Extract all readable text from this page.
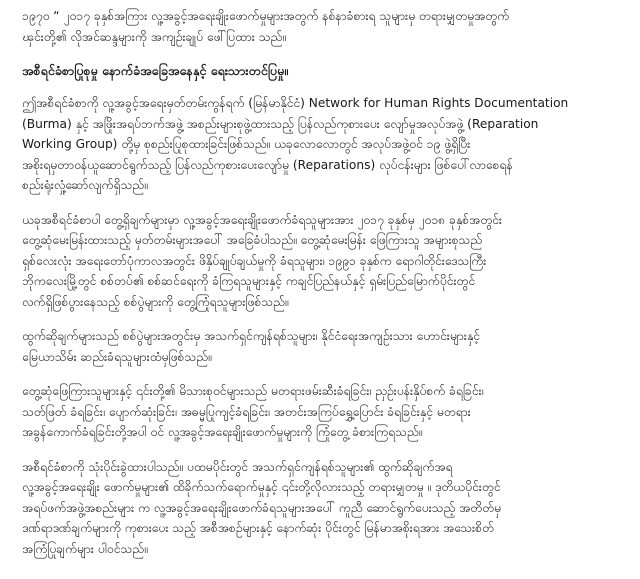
၁၉၇၀ “ ၂၀၁၇ ခုနှစ်အကြား လူ့အခွင့်အရေးချိုးဖောက်မှုများအတွက် နစ်နာခံစားရ သူများမှ တရားမျှတမှုအတွက်
ၾင်းတို့၏ လိုအင်ဆန္ဒများကို အကျဉ်းချုပ် ဖေါ်ပြထား သည်။

အစီရင်ခံစာပြုစုမှု နောက်ခံအခြေအနေနှင့် ရေးသားတင်ပြမှု။

ဤအစီရင်ခံစာကို လူ့အခွင့်အရေးမှတ်တမ်းကွန်ရက် (မြန်မာနိုင်ငံ) Network for Human Rights Documentation
(Burma) နှင့် အဖြိုးအရပ်ဘက်အဖွဲ့ အစည်းများစုဖွဲ့ထားသည့် ပြန်လည်ကုစားပေး လျော်မှုအလုပ်အဖွဲ့ (Reparation
Working Group) တို့မှ စုစည်းပြုစုထားခြင်းဖြစ်သည်။ ယခုလောလောတွင် အလုပ်အဖွဲ့ဝင် ၁၉ ဖွဲ့ရှိပြီး
အစိုးရမှတာဝန်ယူဆောင်ရွက်သည့် ပြန်လည်ကုစားပေးလျော်မှု (Reparations) လုပ်ငန်းများ ဖြစ်ပေါ်လာစေရန်
စည်းရုံးလှုံ့ဆော်လျက်ရှိသည်။

ယခုအစီရင်ခံစာပါ တွေ့ရှိချက်များမှာ လူ့အခွင့်အရေးချိုးဖောက်ခံရသူများအား ၂၀၁၇ ခုနှစ်မှ ၂၀၁၈ ခုနှစ်အတွင်း
တွေ့ဆုံမေးမြန်းထားသည့် မှတ်တမ်းများအပေါ် အခြေခံပါသည်။ တွေ့ဆုံမေးမြန်း ဖြေကြားသူ အများစုသည်
ရှစ်လေးလုံး အရေးတော်ပုံကာလအတွင်း ဖိနှိပ်ချုပ်ချယ်မှုကို ခံရသူများ၊ ၁၉၉၁ ခုနှစ်က ရောဂါတိုင်းဒေသကြီး
ဘိုကလေးမြို့တွင် စစ်တပ်၏ စစ်ဆင်ရေးကို ခံကြရသူများနှင့် ကချင်ပြည်နယ်နှင့် ရှမ်းပြည်မြောက်ပိုင်းတွင်
လက်ရှိဖြစ်ပွားနေသည့် စစ်ပွဲများကို တွေ့ကြုံရသူများဖြစ်သည်။

ထွက်ဆိုချက်များသည် စစ်ပွဲများအတွင်းမှ အသက်ရှင်ကျန်ရစ်သူများ၊ နိုင်ငံရေးအကျဉ်းသား ဟောင်းများနှင့်
မြေယာသိမ်း ဆည်းခံရသူများထံမှဖြစ်သည်။

တွေ့ဆုံဖြေကြားသူများနှင့် ၎င်းတို့၏ မိသားစုဝင်များသည် မတရားဖမ်းဆီးခံရခြင်း၊ ညှဉ်းပန်းနှိပ်စက် ခံရခြင်း၊
သတ်ဖြတ် ခံရခြင်း၊ ပျောက်ဆုံးခြင်း၊ အဓမ္မပြုကျင့်ခံရခြင်း၊ အတင်းအကြပ်ရွှေ့ပြောင်း ခံရခြင်းနှင့် မတရား
အခွန်ကောက်ခံရခြင်းတို့အပါ ဝင် လူ့အခွင့်အရေးချိုးဖောက်မှုများကို ကြုံတွေ့ ခံစားကြရသည်။

အစီရင်ခံစာကို သုံးပိုင်းခွဲထားပါသည်။ ပထမပိုင်းတွင် အသက်ရှင်ကျန်ရစ်သူများ၏ ထွက်ဆိုချက်အရ
လူ့အခွင့်အရေးချိုး ဖောက်မှုများ၏ ထိခိုက်သက်ရောက်မှုနှင့် ၎င်းတို့လိုလားသည့် တရားမျှတမှု ။ ဒုတိယပိုင်းတွင်
အရပ်ဖက်အဖွဲ့အစည်းများ က လူ့အခွင့်အရေးချိုးဖောက်ခံရသူများအပေါ် ကူညီ ဆောင်ရွက်ပေးသည့် အတိတ်မှ
ဒဏ်ရာဒဏ်ချက်များကို ကုစားပေး သည့် အစီအစဉ်များနှင့် နောက်ဆုံး ပိုင်းတွင် မြန်မာအစိုးရအား အသေးစိတ်
အကြံပြုချက်များ ပါဝင်သည်။
